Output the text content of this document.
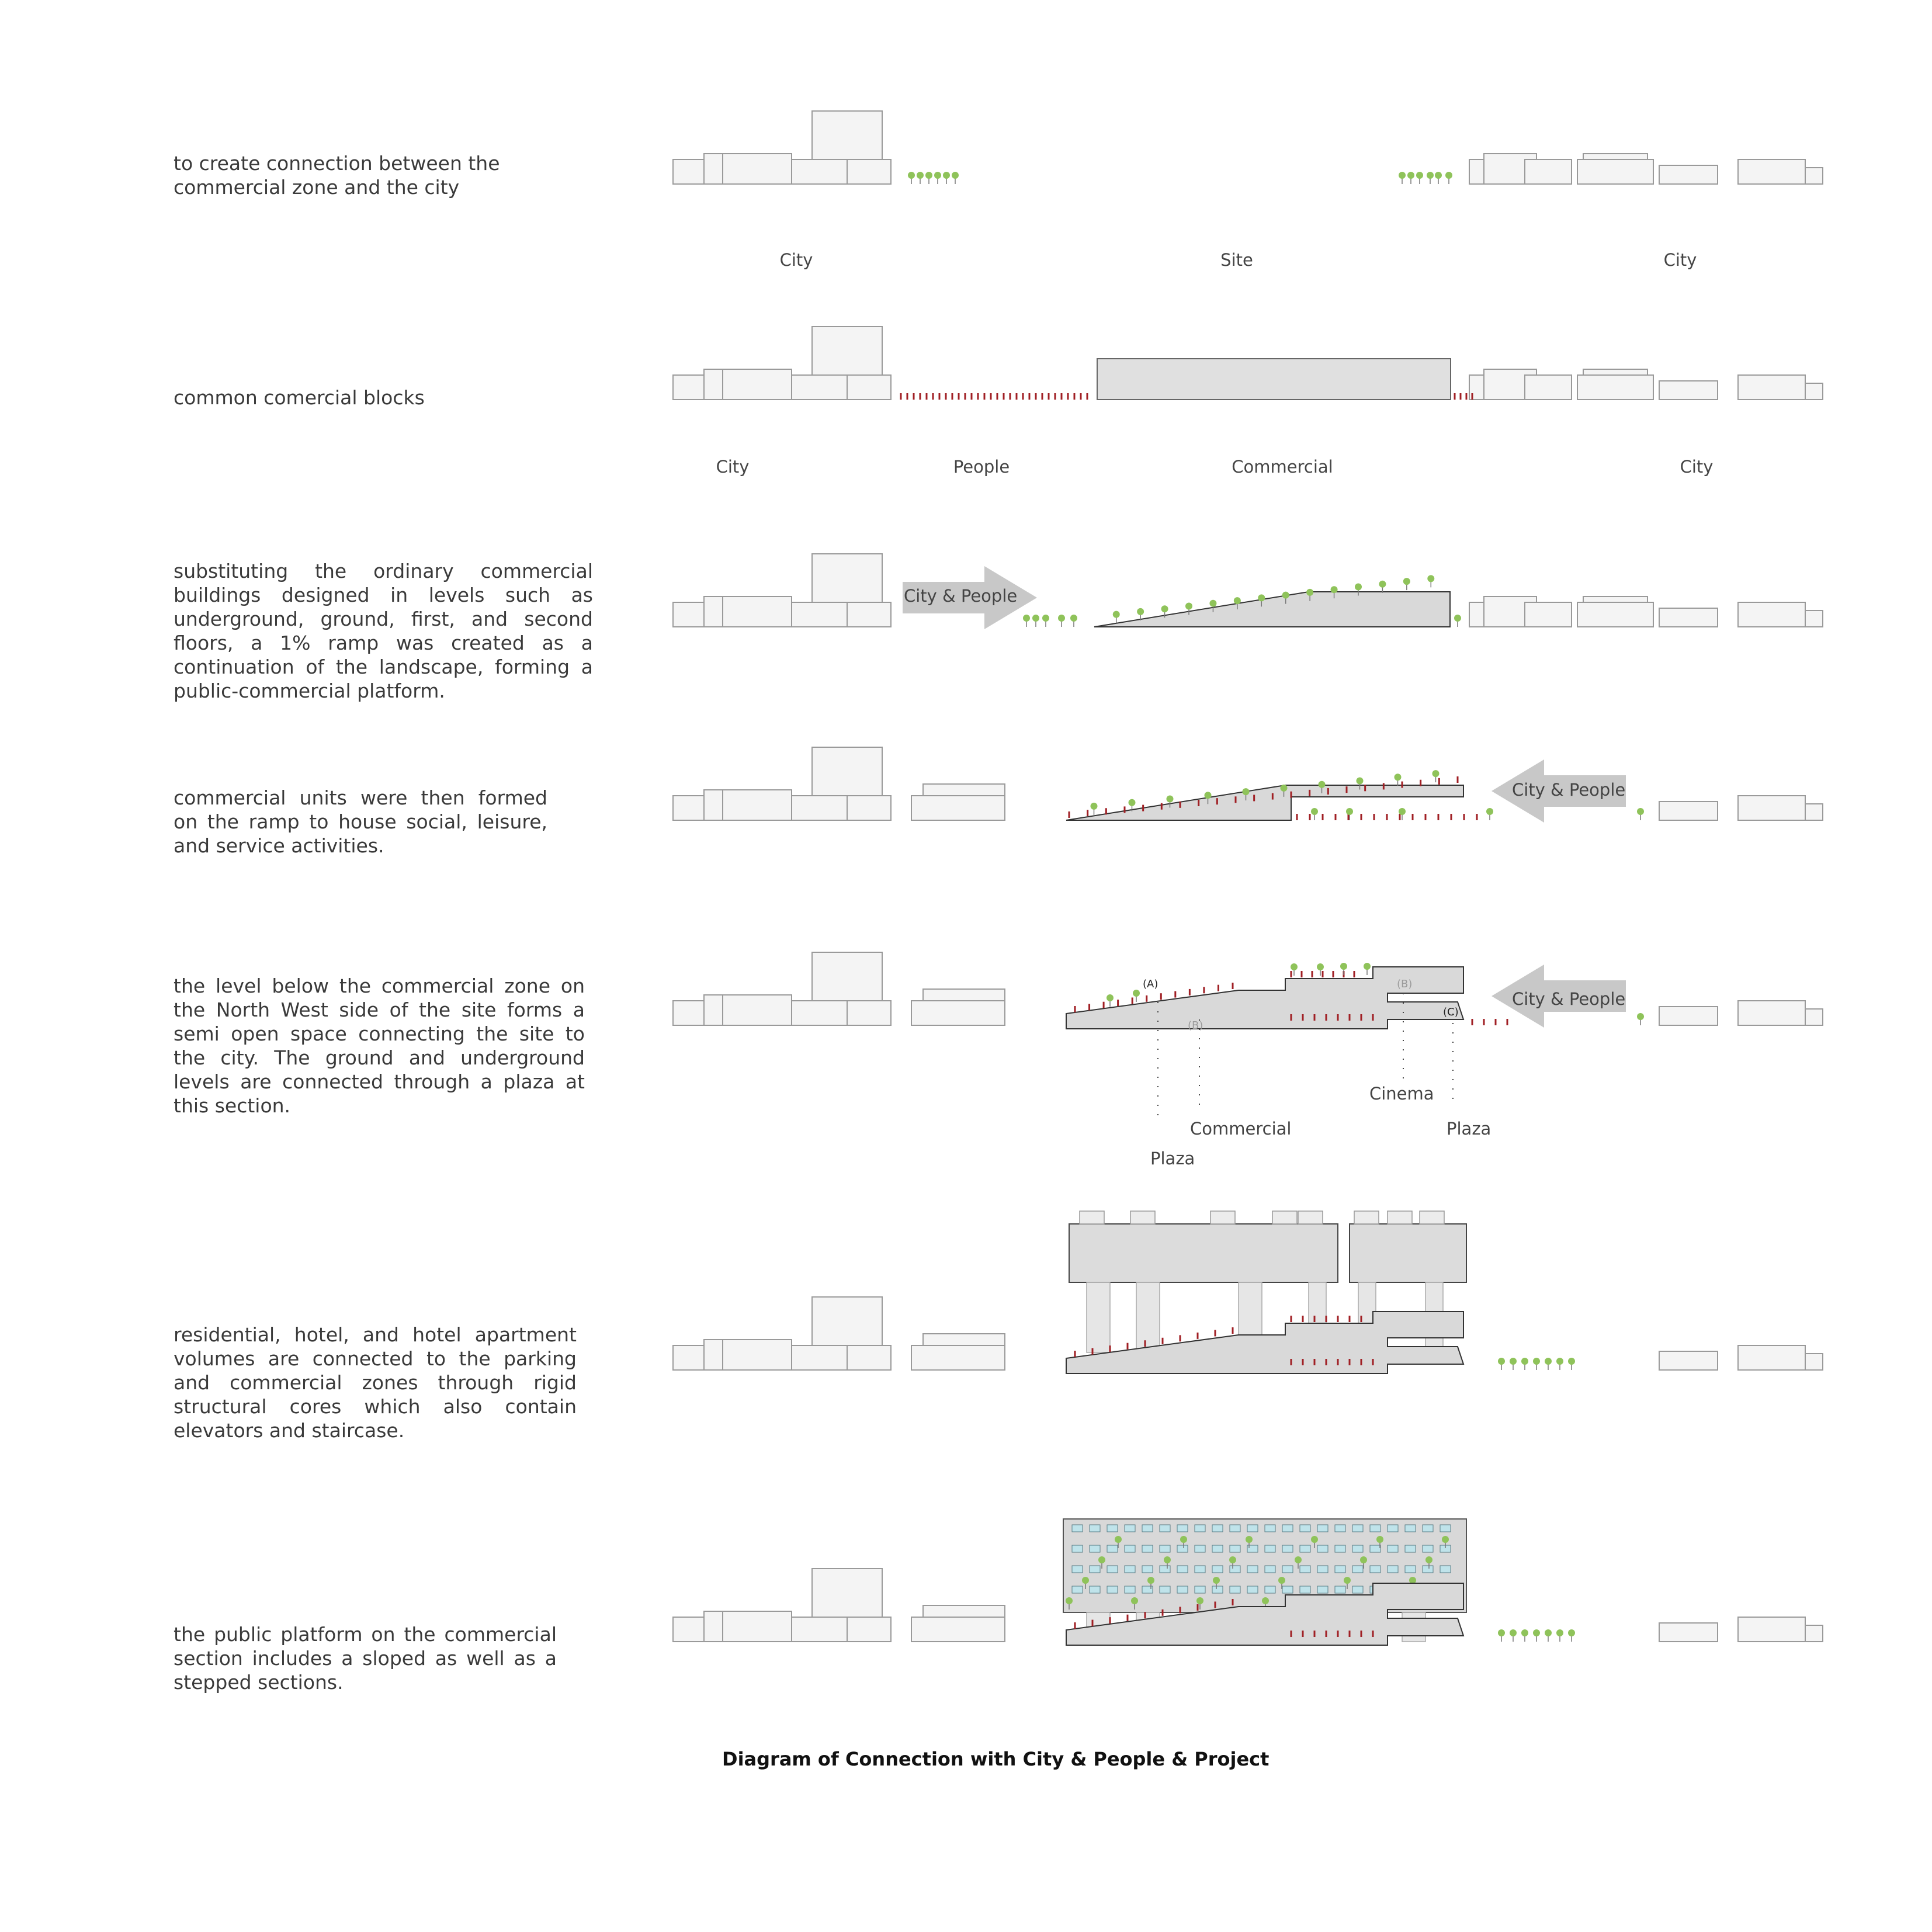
to create connection between the commercial zone and the city
City	Site	City
common comercial blocks
City	People	Commercial	City
substituting the ordinary commercial buildings designed in levels such as underground, ground, first, and second floors, a 1% ramp was created as a continuation of the landscape, forming a public-commercial platform.
City & People
commercial units were then formed on the ramp to house social, leisure, and service activities.
City & People
the level below the commercial zone on the North West side of the site forms a semi open space connecting the site to the city. The ground and underground levels are connected through a plaza at this section.
City & People
(A)	(B)
(B)
(C)
Cinema
Commercial	Plaza
Plaza
residential, hotel, and hotel apartment volumes are connected to the parking and commercial zones through rigid structural cores which also contain elevators and staircase.
the public platform on the commercial section includes a sloped as well as a stepped sections.
Diagram of Connection with City & People & Project
